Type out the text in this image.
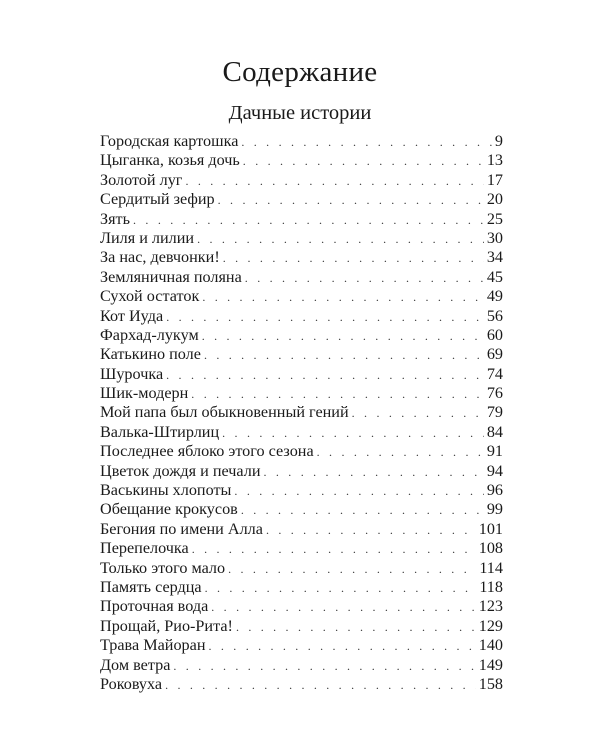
Содержание
Дачные истории
Городская картошка . . .	9
Цыганка, козья дочь . . .	13
Золотой луг . . .	17
Сердитый зефир . . .	20
Зять . . .	25
Лиля и лилии . . .	30
За нас, девчонки! . . .	34
Земляничная поляна . . .	45
Сухой остаток . . .	49
Кот Иуда . . .	56
Фархад-лукум . . .	60
Катькино поле . . .	69
Шурочка . . .	74
Шик-модерн . . .	76
Мой папа был обыкновенный гений . . .	79
Валька-Штирлиц . . .	84
Последнее яблоко этого сезона . . .	91
Цветок дождя и печали . . .	94
Васькины хлопоты . . .	96
Обещание крокусов . . .	99
Бегония по имени Алла . . .	101
Перепелочка . . .	108
Только этого мало . . .	114
Память сердца . . .	118
Проточная вода . . .	123
Прощай, Рио-Рита! . . .	129
Трава Майоран . . .	140
Дом ветра . . .	149
Роковуха . . .	158
